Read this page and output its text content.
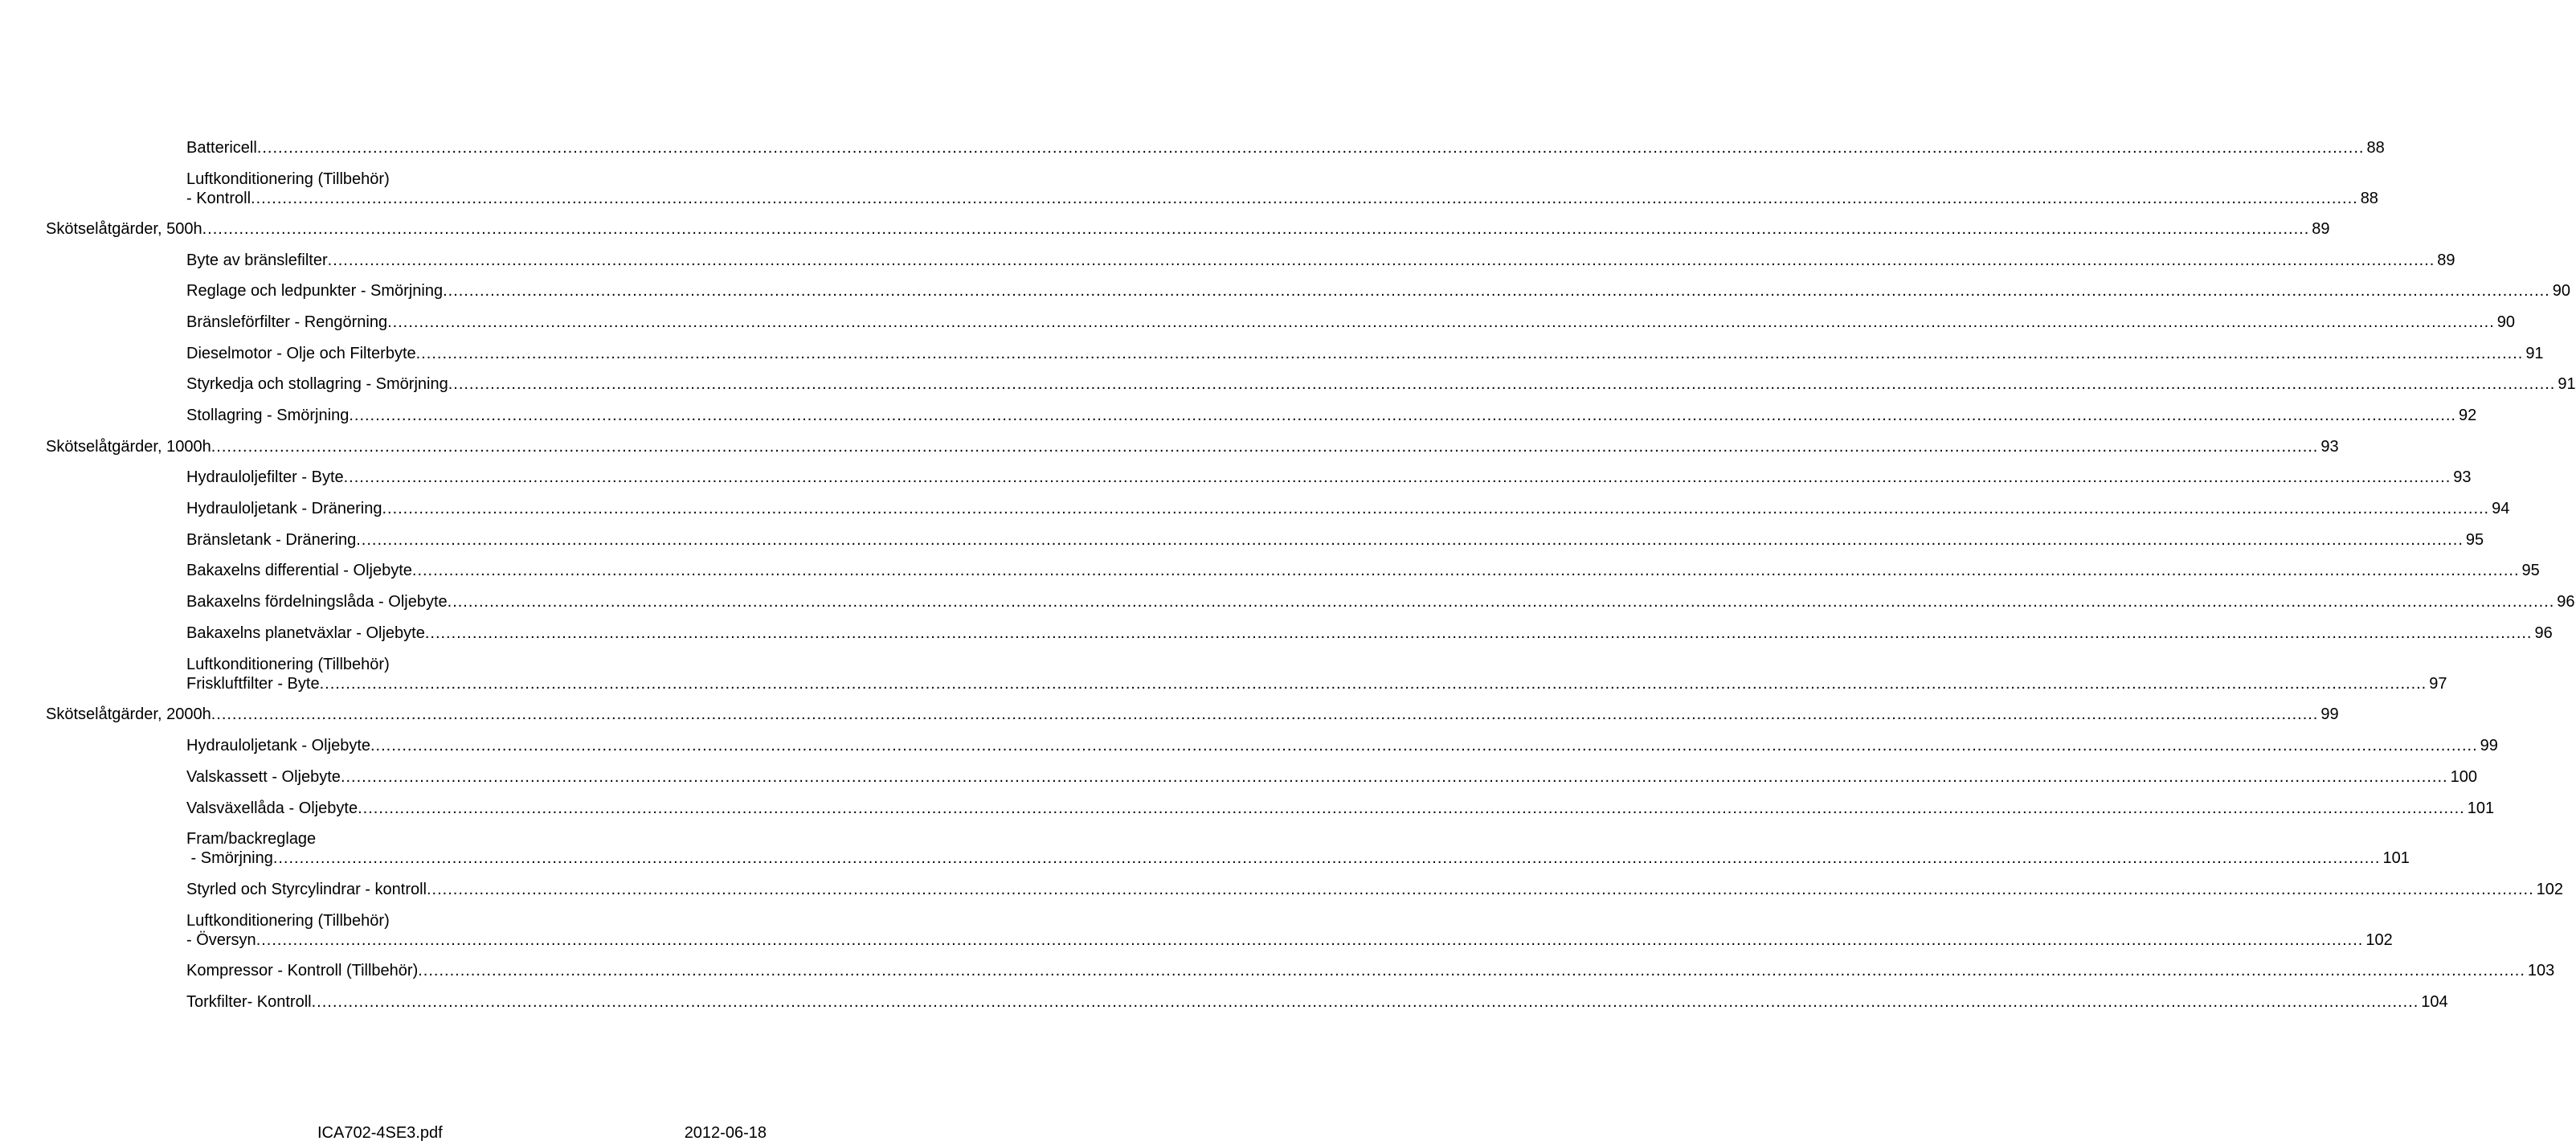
Battericell ................................................................................................................................................................................................................................................................................................................................................................................................................ 88
Luftkonditionering (Tillbehör)
- Kontroll ................................................................................................................................................................................................................................................................................................................................................................................................................ 88
Skötselåtgärder, 500h ................................................................................................................................................................................................................................................................................................................................................................................................................ 89
Byte av bränslefilter ................................................................................................................................................................................................................................................................................................................................................................................................................ 89
Reglage och ledpunkter - Smörjning ................................................................................................................................................................................................................................................................................................................................................................................................................ 90
Bränsleförfilter - Rengörning ................................................................................................................................................................................................................................................................................................................................................................................................................ 90
Dieselmotor - Olje och Filterbyte ................................................................................................................................................................................................................................................................................................................................................................................................................ 91
Styrkedja och stollagring - Smörjning ................................................................................................................................................................................................................................................................................................................................................................................................................ 91
Stollagring - Smörjning ................................................................................................................................................................................................................................................................................................................................................................................................................ 92
Skötselåtgärder, 1000h ................................................................................................................................................................................................................................................................................................................................................................................................................ 93
Hydrauloljefilter - Byte ................................................................................................................................................................................................................................................................................................................................................................................................................ 93
Hydrauloljetank - Dränering ................................................................................................................................................................................................................................................................................................................................................................................................................ 94
Bränsletank - Dränering ................................................................................................................................................................................................................................................................................................................................................................................................................ 95
Bakaxelns differential - Oljebyte ................................................................................................................................................................................................................................................................................................................................................................................................................ 95
Bakaxelns fördelningslåda - Oljebyte ................................................................................................................................................................................................................................................................................................................................................................................................................ 96
Bakaxelns planetväxlar - Oljebyte ................................................................................................................................................................................................................................................................................................................................................................................................................ 96
Luftkonditionering (Tillbehör)
Friskluftfilter - Byte ................................................................................................................................................................................................................................................................................................................................................................................................................ 97
Skötselåtgärder, 2000h ................................................................................................................................................................................................................................................................................................................................................................................................................ 99
Hydrauloljetank - Oljebyte ................................................................................................................................................................................................................................................................................................................................................................................................................ 99
Valskassett - Oljebyte ................................................................................................................................................................................................................................................................................................................................................................................................................ 100
Valsväxellåda - Oljebyte ................................................................................................................................................................................................................................................................................................................................................................................................................ 101
Fram/backreglage
- Smörjning ................................................................................................................................................................................................................................................................................................................................................................................................................ 101
Styrled och Styrcylindrar - kontroll ................................................................................................................................................................................................................................................................................................................................................................................................................ 102
Luftkonditionering (Tillbehör)
- Översyn ................................................................................................................................................................................................................................................................................................................................................................................................................ 102
Kompressor - Kontroll (Tillbehör) ................................................................................................................................................................................................................................................................................................................................................................................................................ 103
Torkfilter- Kontroll ................................................................................................................................................................................................................................................................................................................................................................................................................ 104
ICA702-4SE3.pdf	2012-06-18
